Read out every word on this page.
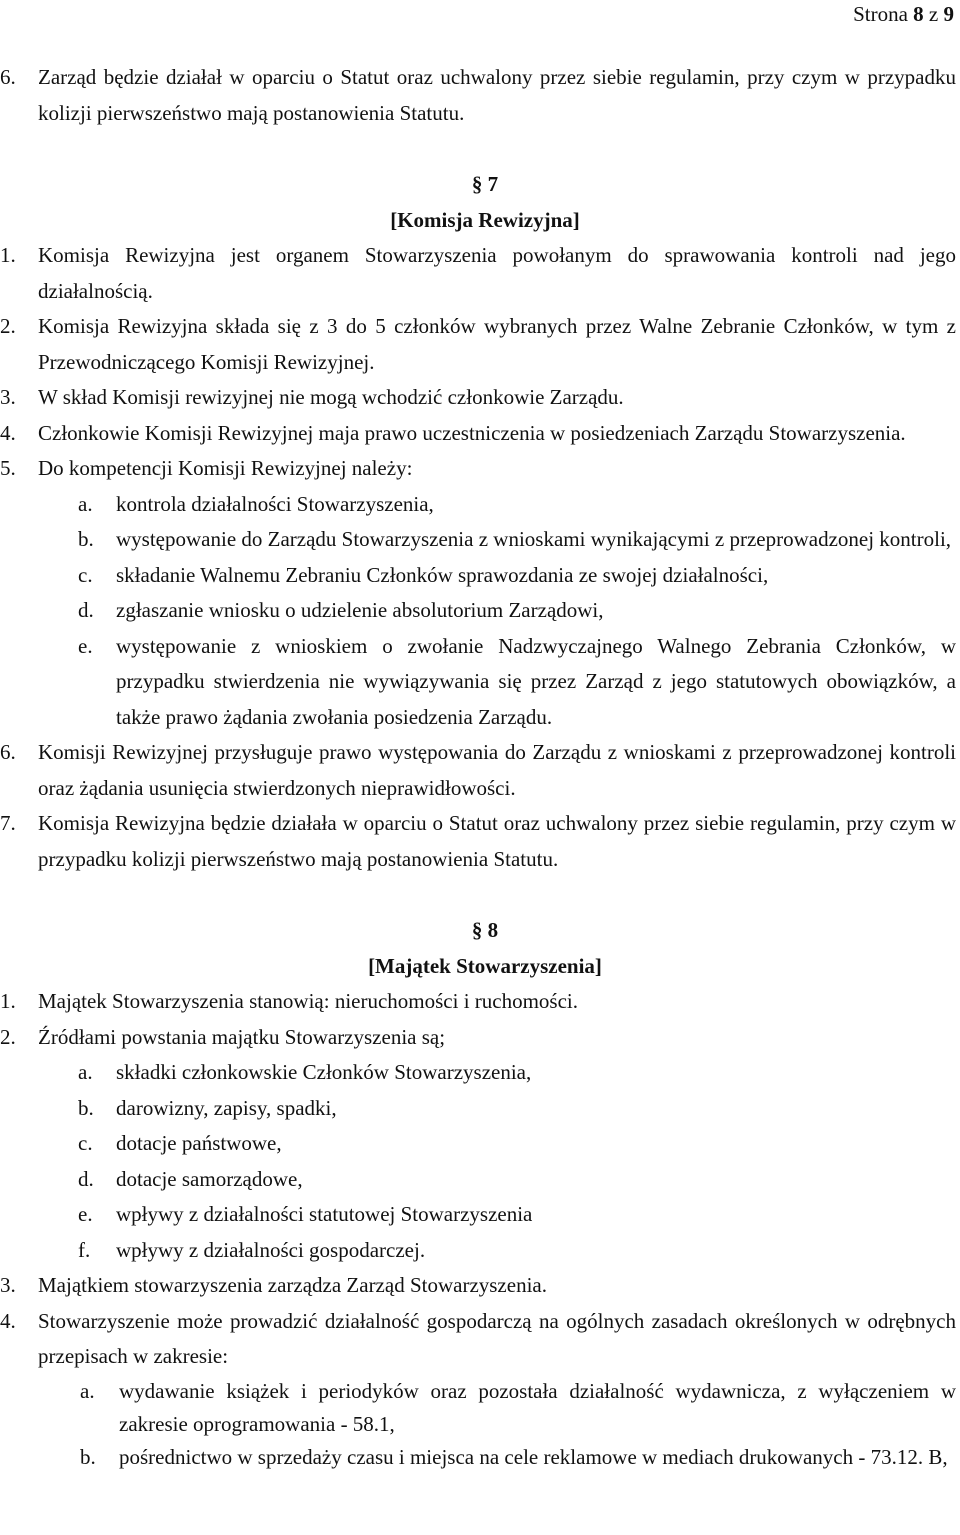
Strona 8 z 9
6. Zarząd będzie działał w oparciu o Statut oraz uchwalony przez siebie regulamin, przy czym w przypadku kolizji pierwszeństwo mają postanowienia Statutu.
§ 7
[Komisja Rewizyjna]
1. Komisja Rewizyjna jest organem Stowarzyszenia powołanym do sprawowania kontroli nad jego działalnością.
2. Komisja Rewizyjna składa się z 3 do 5 członków wybranych przez Walne Zebranie Członków, w tym z Przewodniczącego Komisji Rewizyjnej.
3. W skład Komisji rewizyjnej nie mogą wchodzić członkowie Zarządu.
4. Członkowie Komisji Rewizyjnej maja prawo uczestniczenia w posiedzeniach Zarządu Stowarzyszenia.
5. Do kompetencji Komisji Rewizyjnej należy:
a. kontrola działalności Stowarzyszenia,
b. występowanie do Zarządu Stowarzyszenia z wnioskami wynikającymi z przeprowadzonej kontroli,
c. składanie Walnemu Zebraniu Członków sprawozdania ze swojej działalności,
d. zgłaszanie wniosku o udzielenie absolutorium Zarządowi,
e. występowanie z wnioskiem o zwołanie Nadzwyczajnego Walnego Zebrania Członków, w przypadku stwierdzenia nie wywiązywania się przez Zarząd z jego statutowych obowiązków, a także prawo żądania zwołania posiedzenia Zarządu.
6. Komisji Rewizyjnej przysługuje prawo występowania do Zarządu z wnioskami z przeprowadzonej kontroli oraz żądania usunięcia stwierdzonych nieprawidłowości.
7. Komisja Rewizyjna będzie działała w oparciu o Statut oraz uchwalony przez siebie regulamin, przy czym w przypadku kolizji pierwszeństwo mają postanowienia Statutu.
§ 8
[Majątek Stowarzyszenia]
1. Majątek Stowarzyszenia stanowią: nieruchomości i ruchomości.
2. Źródłami powstania majątku Stowarzyszenia są;
a. składki członkowskie Członków Stowarzyszenia,
b. darowizny, zapisy, spadki,
c. dotacje państwowe,
d. dotacje samorządowe,
e. wpływy z działalności statutowej Stowarzyszenia
f. wpływy z działalności gospodarczej.
3. Majątkiem stowarzyszenia zarządza Zarząd Stowarzyszenia.
4. Stowarzyszenie może prowadzić działalność gospodarczą na ogólnych zasadach określonych w odrębnych przepisach w zakresie:
a. wydawanie książek i periodyków oraz pozostała działalność wydawnicza, z wyłączeniem w zakresie oprogramowania - 58.1,
b. pośrednictwo w sprzedaży czasu i miejsca na cele reklamowe w mediach drukowanych - 73.12. B,
